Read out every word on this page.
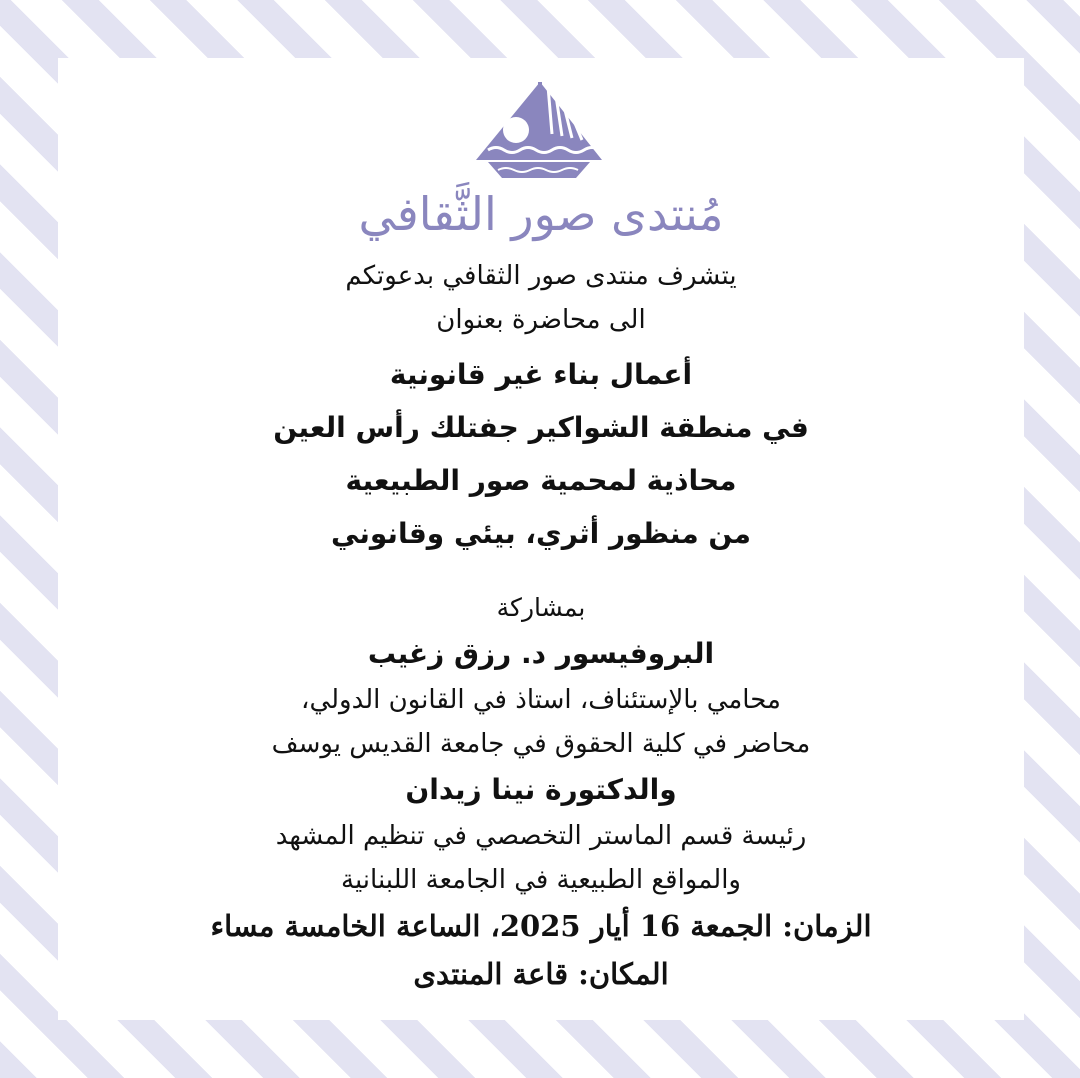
مُنتدى صور الثَّقافي
يتشرف منتدى صور الثقافي بدعوتكم
الى محاضرة بعنوان
أعمال بناء غير قانونية
في منطقة الشواكير جفتلك رأس العين
محاذية لمحمية صور الطبيعية
من منظور أثري، بيئي وقانوني
بمشاركة
البروفيسور د. رزق زغيب
محامي بالإستئناف، استاذ في القانون الدولي،
محاضر في كلية الحقوق في جامعة القديس يوسف
والدكتورة نينا زيدان
رئيسة قسم الماستر التخصصي في تنظيم المشهد
والمواقع الطبيعية في الجامعة اللبنانية
الزمان: الجمعة 16 أيار 2025، الساعة الخامسة مساء
المكان: قاعة المنتدى
